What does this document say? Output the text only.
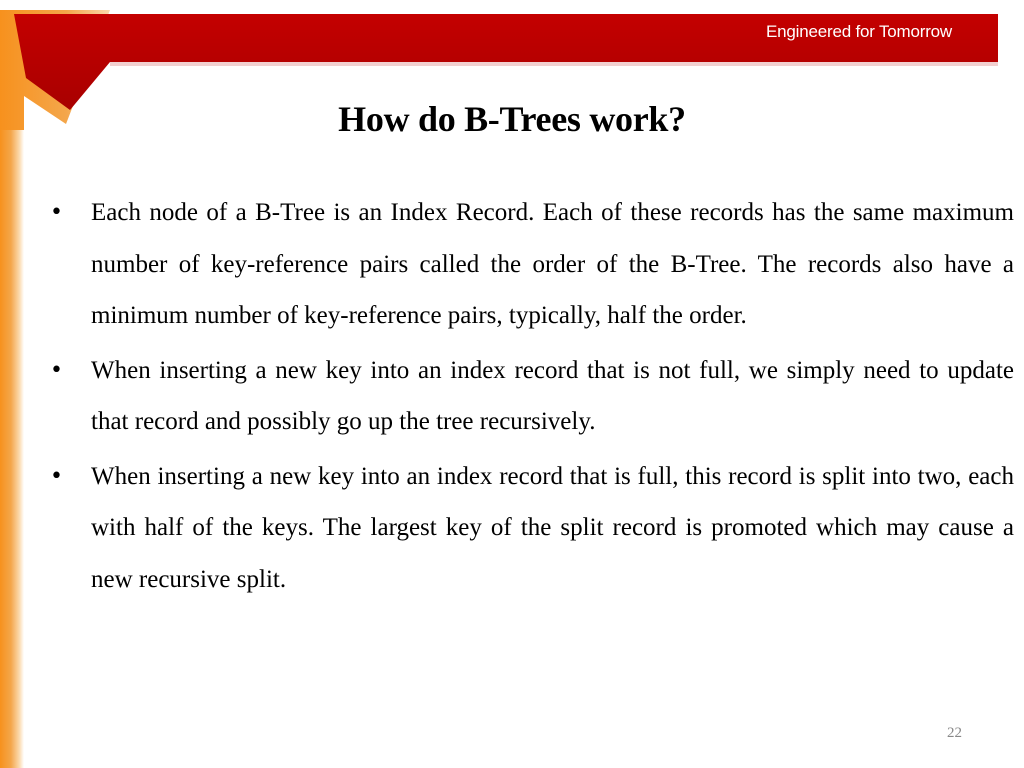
Engineered for Tomorrow
How do B-Trees work?
• Each node of a B-Tree is an Index Record. Each of these records has the same maximum number of key-reference pairs called the order of the B-Tree. The records also have a minimum number of key-reference pairs, typically, half the order.
• When inserting a new key into an index record that is not full, we simply need to update that record and possibly go up the tree recursively.
• When inserting a new key into an index record that is full, this record is split into two, each with half of the keys. The largest key of the split record is promoted which may cause a new recursive split.
22
